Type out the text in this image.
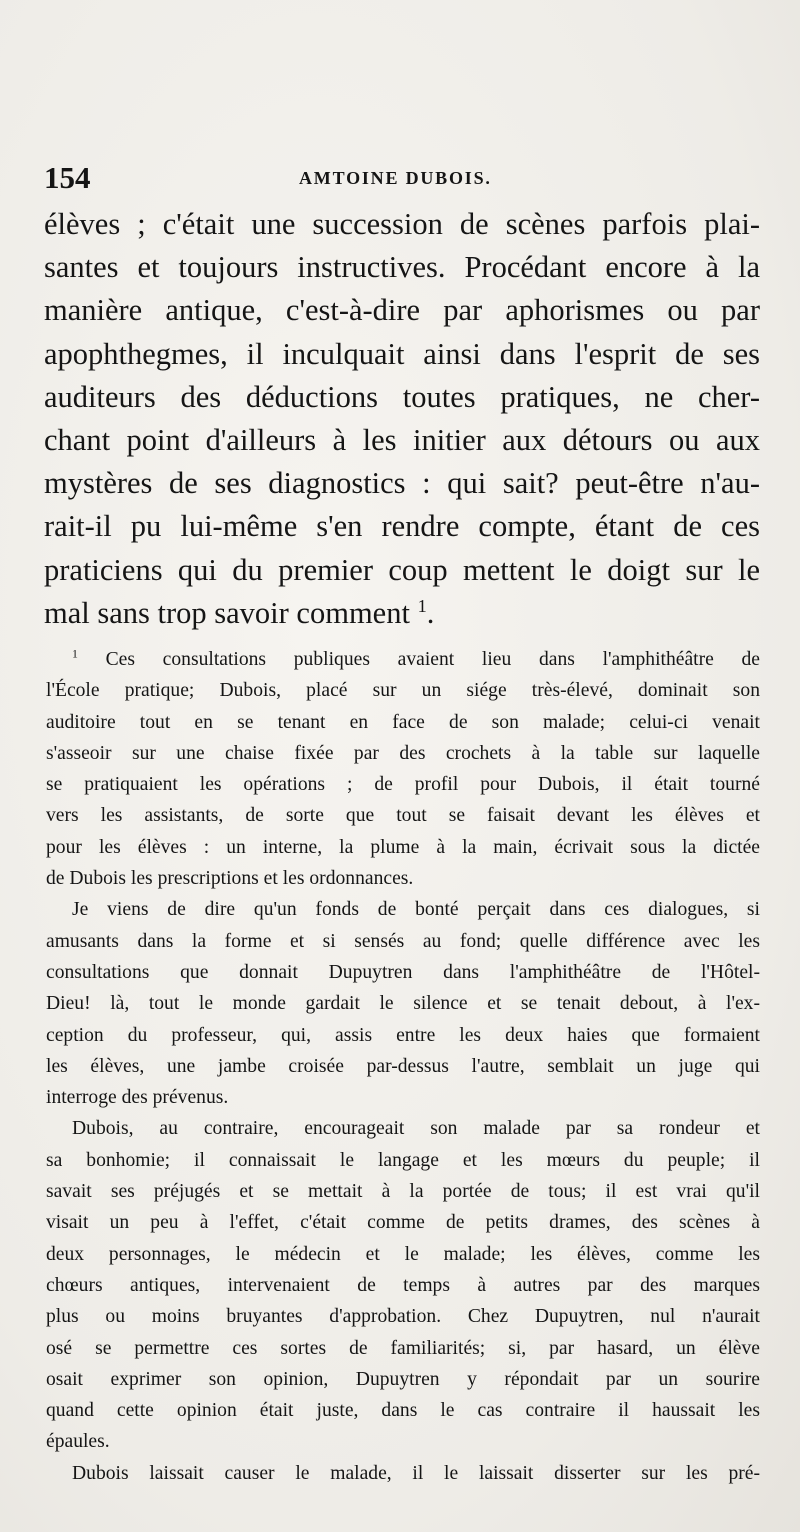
154	AMTOINE DUBOIS.
élèves ; c'était une succession de scènes parfois plai-
santes et toujours instructives. Procédant encore à la
manière antique, c'est-à-dire par aphorismes ou par
apophthegmes, il inculquait ainsi dans l'esprit de ses
auditeurs des déductions toutes pratiques, ne cher-
chant point d'ailleurs à les initier aux détours ou aux
mystères de ses diagnostics : qui sait? peut-être n'au-
rait-il pu lui-même s'en rendre compte, étant de ces
praticiens qui du premier coup mettent le doigt sur le
mal sans trop savoir comment $^1$.
$^1$ Ces consultations publiques avaient lieu dans l'amphithéâtre de
l'École pratique; Dubois, placé sur un siége très-élevé, dominait son
auditoire tout en se tenant en face de son malade; celui-ci venait
s'asseoir sur une chaise fixée par des crochets à la table sur laquelle
se pratiquaient les opérations ; de profil pour Dubois, il était tourné
vers les assistants, de sorte que tout se faisait devant les élèves et
pour les élèves : un interne, la plume à la main, écrivait sous la dictée
de Dubois les prescriptions et les ordonnances.
Je viens de dire qu'un fonds de bonté perçait dans ces dialogues, si
amusants dans la forme et si sensés au fond; quelle différence avec les
consultations que donnait Dupuytren dans l'amphithéâtre de l'Hôtel-
Dieu! là, tout le monde gardait le silence et se tenait debout, à l'ex-
ception du professeur, qui, assis entre les deux haies que formaient
les élèves, une jambe croisée par-dessus l'autre, semblait un juge qui
interroge des prévenus.
Dubois, au contraire, encourageait son malade par sa rondeur et
sa bonhomie; il connaissait le langage et les mœurs du peuple; il
savait ses préjugés et se mettait à la portée de tous; il est vrai qu'il
visait un peu à l'effet, c'était comme de petits drames, des scènes à
deux personnages, le médecin et le malade; les élèves, comme les
chœurs antiques, intervenaient de temps à autres par des marques
plus ou moins bruyantes d'approbation. Chez Dupuytren, nul n'aurait
osé se permettre ces sortes de familiarités; si, par hasard, un élève
osait exprimer son opinion, Dupuytren y répondait par un sourire
quand cette opinion était juste, dans le cas contraire il haussait les
épaules.
Dubois laissait causer le malade, il le laissait disserter sur les pré-
